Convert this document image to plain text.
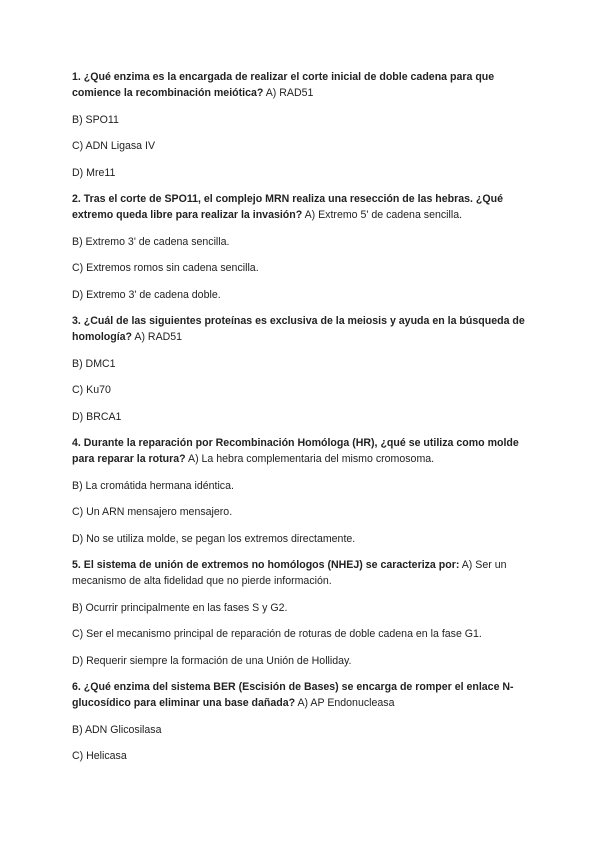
1. ¿Qué enzima es la encargada de realizar el corte inicial de doble cadena para que comience la recombinación meiótica? A) RAD51

B) SPO11

C) ADN Ligasa IV

D) Mre11

2. Tras el corte de SPO11, el complejo MRN realiza una resección de las hebras. ¿Qué extremo queda libre para realizar la invasión? A) Extremo 5' de cadena sencilla.

B) Extremo 3' de cadena sencilla.

C) Extremos romos sin cadena sencilla.

D) Extremo 3' de cadena doble.

3. ¿Cuál de las siguientes proteínas es exclusiva de la meiosis y ayuda en la búsqueda de homología? A) RAD51

B) DMC1

C) Ku70

D) BRCA1

4. Durante la reparación por Recombinación Homóloga (HR), ¿qué se utiliza como molde para reparar la rotura? A) La hebra complementaria del mismo cromosoma.

B) La cromátida hermana idéntica.

C) Un ARN mensajero mensajero.

D) No se utiliza molde, se pegan los extremos directamente.

5. El sistema de unión de extremos no homólogos (NHEJ) se caracteriza por: A) Ser un mecanismo de alta fidelidad que no pierde información.

B) Ocurrir principalmente en las fases S y G2.

C) Ser el mecanismo principal de reparación de roturas de doble cadena en la fase G1.

D) Requerir siempre la formación de una Unión de Holliday.

6. ¿Qué enzima del sistema BER (Escisión de Bases) se encarga de romper el enlace N-glucosídico para eliminar una base dañada? A) AP Endonucleasa

B) ADN Glicosilasa

C) Helicasa
